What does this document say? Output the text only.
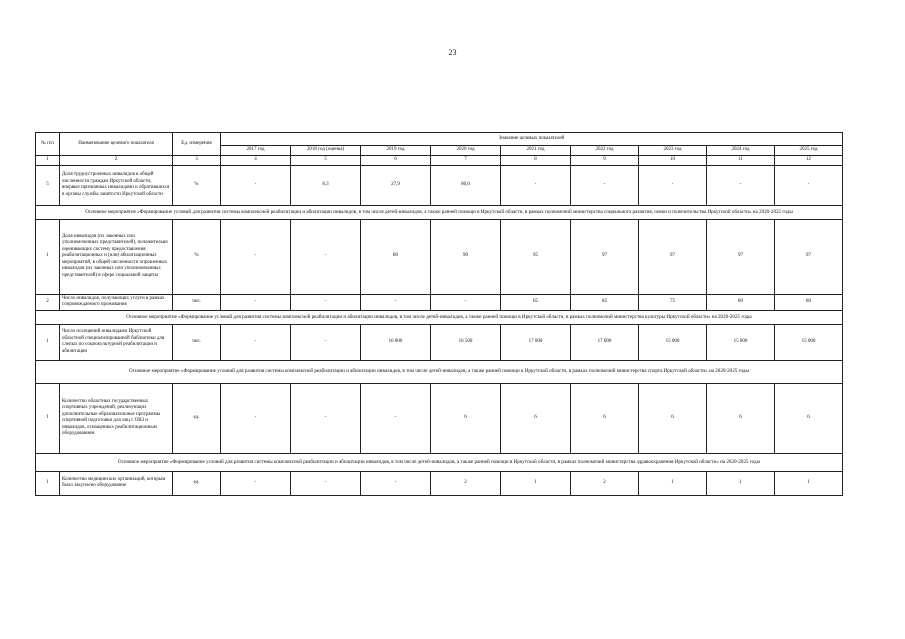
23
№ п/п	Наименование целевого показателя	Ед. измерения	Значение целевых показателей								
			2017 год	2018 год (оценка)	2019 год	2020 год	2021 год	2022 год	2023 год	2024 год	2025 год
1	2	3	4	5	6	7	8	9	10	11	12
5	Доля трудоустроенных инвалидов в общей численности граждан Иркутской области, впервые признанных инвалидами и обратившихся в органы службы занятости Иркутской области	%	-	8,3	27,9	80,0	-	-	-	-	-
Основное мероприятие «Формирование условий для развития системы комплексной реабилитации и абилитации инвалидов, в том числе детей-инвалидов, а также ранней помощи в Иркутской области, в рамках полномочий министерства социального развития, опеки и попечительства Иркутской области» на 2020-2025 годы											
1	Доля инвалидов (их законных или уполномоченных представителей), положительно оценивающих систему предоставления реабилитационных и (или) абилитационных мероприятий, в общей численности опрошенных инвалидов (их законных или уполномоченных представителей) в сфере социальной защиты	%	-	-	80	90	95	97	97	97	97
2	Число инвалидов, получающих услуги в рамках сопровождаемого проживания	чел.	-	-	-	-	65	85	75	80	80
Основное мероприятие «Формирование условий для развития системы комплексной реабилитации и абилитации инвалидов, в том числе детей-инвалидов, а также ранней помощи в Иркутской области, в рамках полномочий министерства культуры Иркутской области» на 2020-2025 годы											
1	Число посещений инвалидами Иркутской областной специализированной библиотеки для слепых по социокультурной реабилитации и абилитации	чел.	-	-	16 000	16 500	17 000	17 000	15 000	15 000	15 000
Основное мероприятие «Формирование условий для развития системы комплексной реабилитации и абилитации инвалидов, в том числе детей-инвалидов, а также ранней помощи в Иркутской области, в рамках полномочий министерства спорта Иркутской области» на 2020-2025 годы											
1	Количество областных государственных спортивных учреждений, реализующих дополнительные образовательные программы спортивной подготовки для лиц с ОВЗ и инвалидов, оснащенных реабилитационным оборудованием	ед.	-	-	-	6	6	6	6	6	6
Основное мероприятие «Формирование условий для развития системы комплексной реабилитации и абилитации инвалидов, в том числе детей-инвалидов, а также ранней помощи в Иркутской области, в рамках полномочий министерства здравоохранения Иркутской области» на 2020-2025 годы											
1	Количество медицинских организаций, которым было закуплено оборудование	ед.	-	-	-	2	1	2	1	1	1
